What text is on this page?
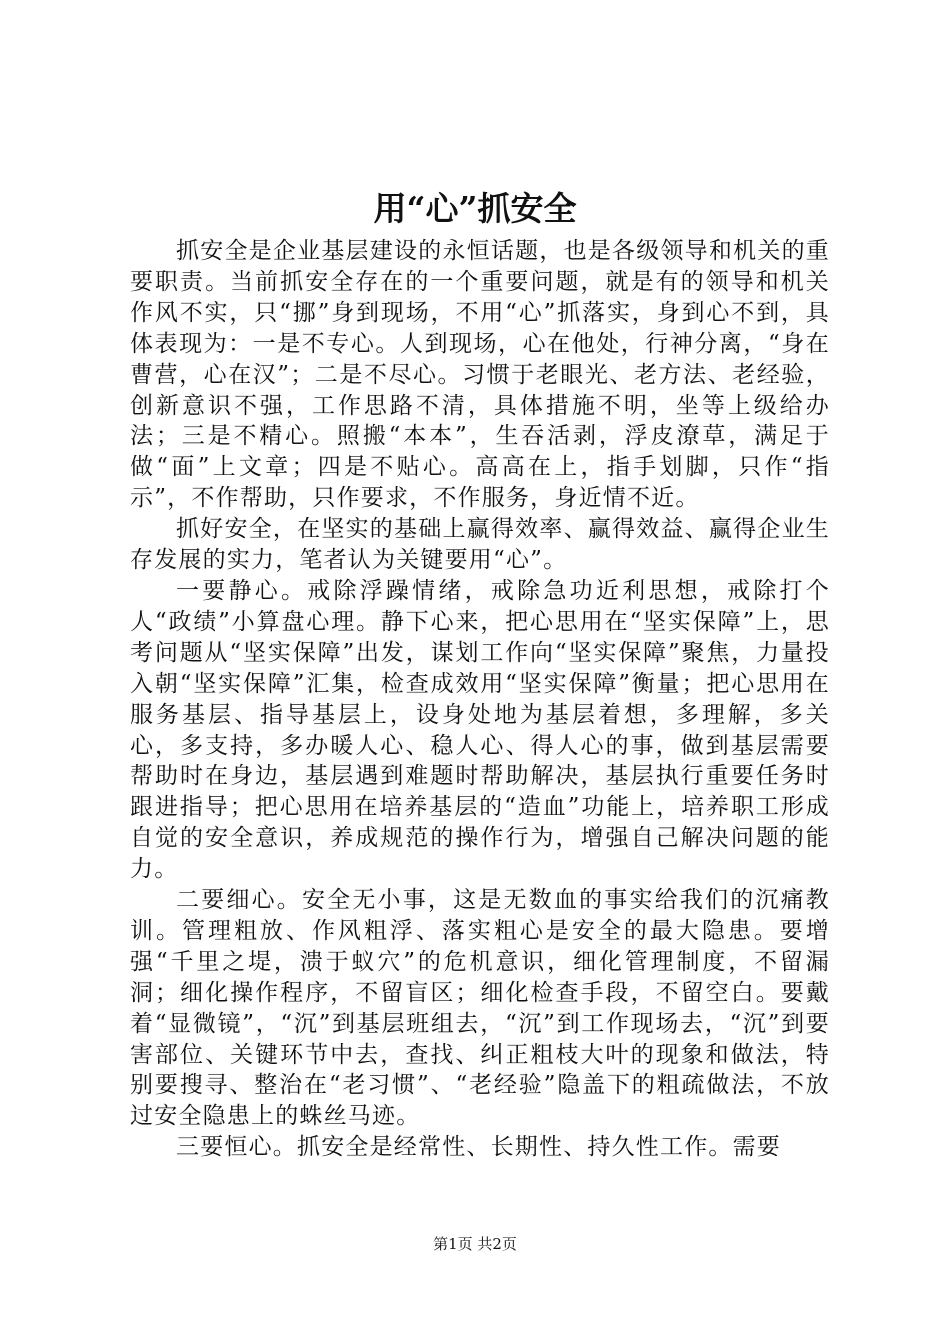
用“心”抓安全

抓安全是企业基层建设的永恒话题，也是各级领导和机关的重要职责。当前抓安全存在的一个重要问题，就是有的领导和机关作风不实，只“挪”身到现场，不用“心”抓落实，身到心不到，具体表现为：一是不专心。人到现场，心在他处，行神分离，“身在曹营，心在汉”；二是不尽心。习惯于老眼光、老方法、老经验，创新意识不强，工作思路不清，具体措施不明，坐等上级给办法；三是不精心。照搬“本本”，生吞活剥，浮皮潦草，满足于做“面”上文章；四是不贴心。高高在上，指手划脚，只作“指示”，不作帮助，只作要求，不作服务，身近情不近。

抓好安全，在坚实的基础上赢得效率、赢得效益、赢得企业生存发展的实力，笔者认为关键要用“心”。

一要静心。戒除浮躁情绪，戒除急功近利思想，戒除打个人“政绩”小算盘心理。静下心来，把心思用在“坚实保障”上，思考问题从“坚实保障”出发，谋划工作向“坚实保障”聚焦，力量投入朝“坚实保障”汇集，检查成效用“坚实保障”衡量；把心思用在服务基层、指导基层上，设身处地为基层着想，多理解，多关心，多支持，多办暖人心、稳人心、得人心的事，做到基层需要帮助时在身边，基层遇到难题时帮助解决，基层执行重要任务时跟进指导；把心思用在培养基层的“造血”功能上，培养职工形成自觉的安全意识，养成规范的操作行为，增强自己解决问题的能力。

二要细心。安全无小事，这是无数血的事实给我们的沉痛教训。管理粗放、作风粗浮、落实粗心是安全的最大隐患。要增强“千里之堤，溃于蚁穴”的危机意识，细化管理制度，不留漏洞；细化操作程序，不留盲区；细化检查手段，不留空白。要戴着“显微镜”，“沉”到基层班组去，“沉”到工作现场去，“沉”到要害部位、关键环节中去，查找、纠正粗枝大叶的现象和做法，特别要搜寻、整治在“老习惯”、“老经验”隐盖下的粗疏做法，不放过安全隐患上的蛛丝马迹。

三要恒心。抓安全是经常性、长期性、持久性工作。需要

第1页 共2页
